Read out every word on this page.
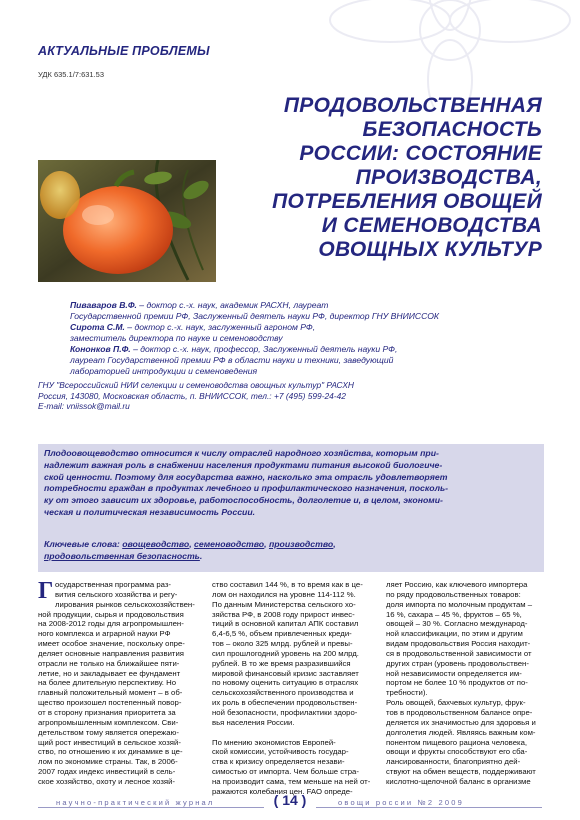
АКТУАЛЬНЫЕ ПРОБЛЕМЫ
УДК 635.1/7:631.53
ПРОДОВОЛЬСТВЕННАЯ
БЕЗОПАСНОСТЬ
РОССИИ: СОСТОЯНИЕ
ПРОИЗВОДСТВА,
ПОТРЕБЛЕНИЯ ОВОЩЕЙ
И СЕМЕНОВОДСТВА
ОВОЩНЫХ КУЛЬТУР
Пиваваров В.Ф. – доктор с.-х. наук, академик РАСХН, лауреат
Государственной премии РФ, Заслуженный деятель науки РФ, директор ГНУ ВНИИССОК
Сирота С.М. – доктор с.-х. наук, заслуженный агроном РФ,
заместитель директора по науке и семеноводству
Кононков П.Ф. – доктор с.-х. наук, профессор, Заслуженный деятель науки РФ,
лауреат Государственной премии РФ в области науки и техники, заведующий
лабораторией интродукции и семеноведения
ГНУ "Всероссийский НИИ селекции и семеноводства овощных культур" РАСХН
Россия, 143080, Московская область, п. ВНИИССОК, тел.: +7 (495) 599-24-42
E-mail: vniissok@mail.ru
Плодоовощеводство относится к числу отраслей народного хозяйства, которым при-
надлежит важная роль в снабжении населения продуктами питания высокой биологиче-
ской ценности. Поэтому для государства важно, насколько эта отрасль удовлетворяет
потребности граждан в продуктах лечебного и профилактического назначения, посколь-
ку от этого зависит их здоровье, работоспособность, долголетие и, в целом, экономи-
ческая и политическая независимость России.
Ключевые слова: овощеводство, семеноводство, производство,
продовольственная безопасность.
Г осударственная программа раз-
вития сельского хозяйства и регу-
лирования рынков сельскохозяйствен-
ной продукции, сырья и продовольствия
на 2008-2012 годы для агропромышлен-
ного комплекса и аграрной науки РФ
имеет особое значение, поскольку опре-
деляет основные направления развития
отрасли не только на ближайшее пяти-
летие, но и закладывает ее фундамент
на более длительную перспективу. Но
главный положительный момент – в об-
щество произошел постепенный повор-
от в сторону признания приоритета за
агропромышленным комплексом. Сви-
детельством тому является опережаю-
щий рост инвестиций в сельское хозяй-
ство, по отношению к их динамике в це-
лом по экономике страны. Так, в 2006-
2007 годах индекс инвестиций в сель-
ское хозяйство, охоту и лесное хозяй-
ство составил 144 %, в то время как в це-
лом он находился на уровне 114-112 %.
По данным Министерства сельского хо-
зяйства РФ, в 2008 году прирост инвес-
тиций в основной капитал АПК составил
6,4-6,5 %, объем привлеченных креди-
тов – около 325 млрд. рублей и превы-
сил прошлогодний уровень на 200 млрд.
рублей. В то же время разразившийся
мировой финансовый кризис заставляет
по новому оценить ситуацию в отраслях
сельскохозяйственного производства и
их роль в обеспечении продовольствен-
ной безопасности, профилактики здоро-
вья населения России.
По мнению экономистов Европей-
ской комиссии, устойчивость государ-
ства к кризису определяется незави-
симостью от импорта. Чем больше стра-
на производит сама, тем меньше на ней от-
ражаются колебания цен. FAO опреде-
ляет Россию, как ключевого импортера
по ряду продовольственных товаров:
доля импорта по молочным продуктам –
16 %, сахара – 45 %, фруктов – 65 %,
овощей – 30 %. Согласно международ-
ной классификации, по этим и другим
видам продовольствия Россия находит-
ся в продовольственной зависимости от
других стран (уровень продовольствен-
ной независимости определяется им-
портом не более 10 % продуктов от по-
требности).
Роль овощей, бахчевых культур, фрук-
тов в продовольственном балансе опре-
деляется их значимостью для здоровья и
долголетия людей. Являясь важным ком-
понентом пищевого рациона человека,
овощи и фрукты способствуют его сба-
лансированности, благоприятно дей-
ствуют на обмен веществ, поддерживают
кислотно-щелочной баланс в организме
научно-практический журнал	( 14 )	овощи россии №2 2009
